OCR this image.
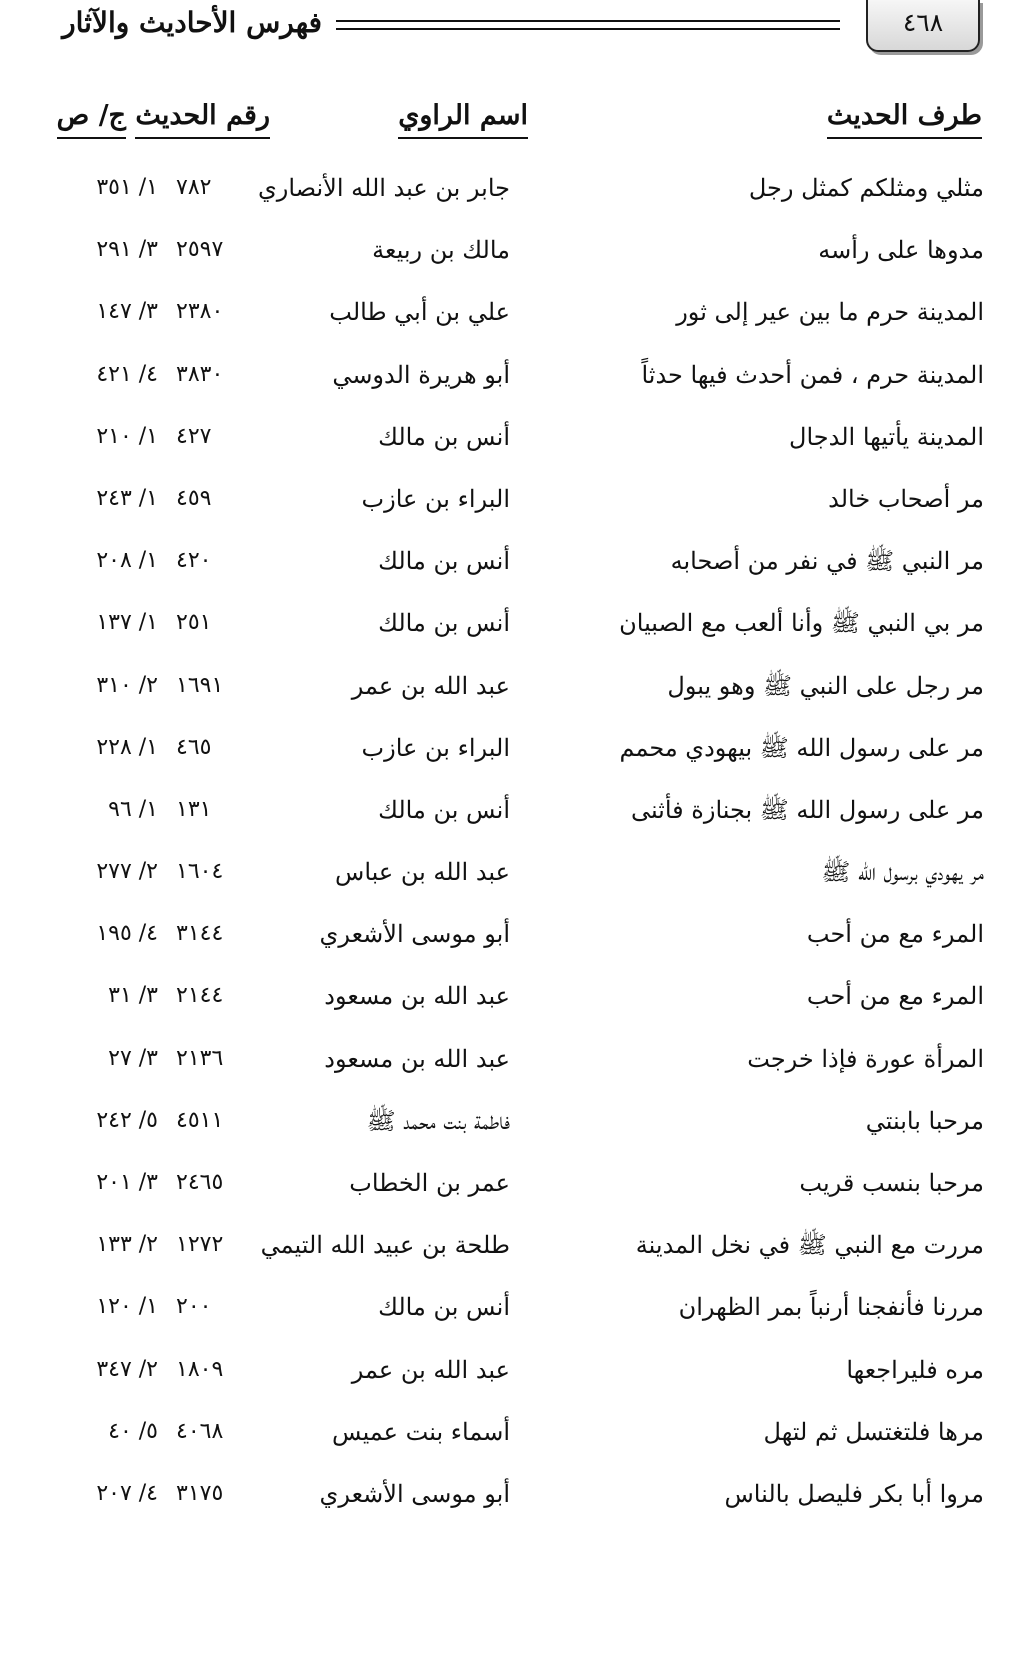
٤٦٨
فهرس الأحاديث والآثار
طرف الحديث
اسم الراوي
رقم الحديث
ج/ ص
مثلي ومثلكم كمثل رجل
جابر بن عبد الله الأنصاري
٧٨٢
١/ ٣٥١
مدوها على رأسه
مالك بن ربيعة
٢٥٩٧
٣/ ٢٩١
المدينة حرم ما بين عير إلى ثور
علي بن أبي طالب
٢٣٨٠
٣/ ١٤٧
المدينة حرم ، فمن أحدث فيها حدثاً
أبو هريرة الدوسي
٣٨٣٠
٤/ ٤٢١
المدينة يأتيها الدجال
أنس بن مالك
٤٢٧
١/ ٢١٠
مر أصحاب خالد
البراء بن عازب
٤٥٩
١/ ٢٤٣
مر النبي ﷺ في نفر من أصحابه
أنس بن مالك
٤٢٠
١/ ٢٠٨
مر بي النبي ﷺ وأنا ألعب مع الصبيان
أنس بن مالك
٢٥١
١/ ١٣٧
مر رجل على النبي ﷺ وهو يبول
عبد الله بن عمر
١٦٩١
٢/ ٣١٠
مر على رسول الله ﷺ بيهودي محمم
البراء بن عازب
٤٦٥
١/ ٢٢٨
مر على رسول الله ﷺ بجنازة فأثنى
أنس بن مالك
١٣١
١/ ٩٦
مر يهودي برسول الله ﷺ
عبد الله بن عباس
١٦٠٤
٢/ ٢٧٧
المرء مع من أحب
أبو موسى الأشعري
٣١٤٤
٤/ ١٩٥
المرء مع من أحب
عبد الله بن مسعود
٢١٤٤
٣/ ٣١
المرأة عورة فإذا خرجت
عبد الله بن مسعود
٢١٣٦
٣/ ٢٧
مرحبا بابنتي
فاطمة بنت محمد ﷺ
٤٥١١
٥/ ٢٤٢
مرحبا بنسب قريب
عمر بن الخطاب
٢٤٦٥
٣/ ٢٠١
مررت مع النبي ﷺ في نخل المدينة
طلحة بن عبيد الله التيمي
١٢٧٢
٢/ ١٣٣
مررنا فأنفجنا أرنباً بمر الظهران
أنس بن مالك
٢٠٠
١/ ١٢٠
مره فليراجعها
عبد الله بن عمر
١٨٠٩
٢/ ٣٤٧
مرها فلتغتسل ثم لتهل
أسماء بنت عميس
٤٠٦٨
٥/ ٤٠
مروا أبا بكر فليصل بالناس
أبو موسى الأشعري
٣١٧٥
٤/ ٢٠٧
